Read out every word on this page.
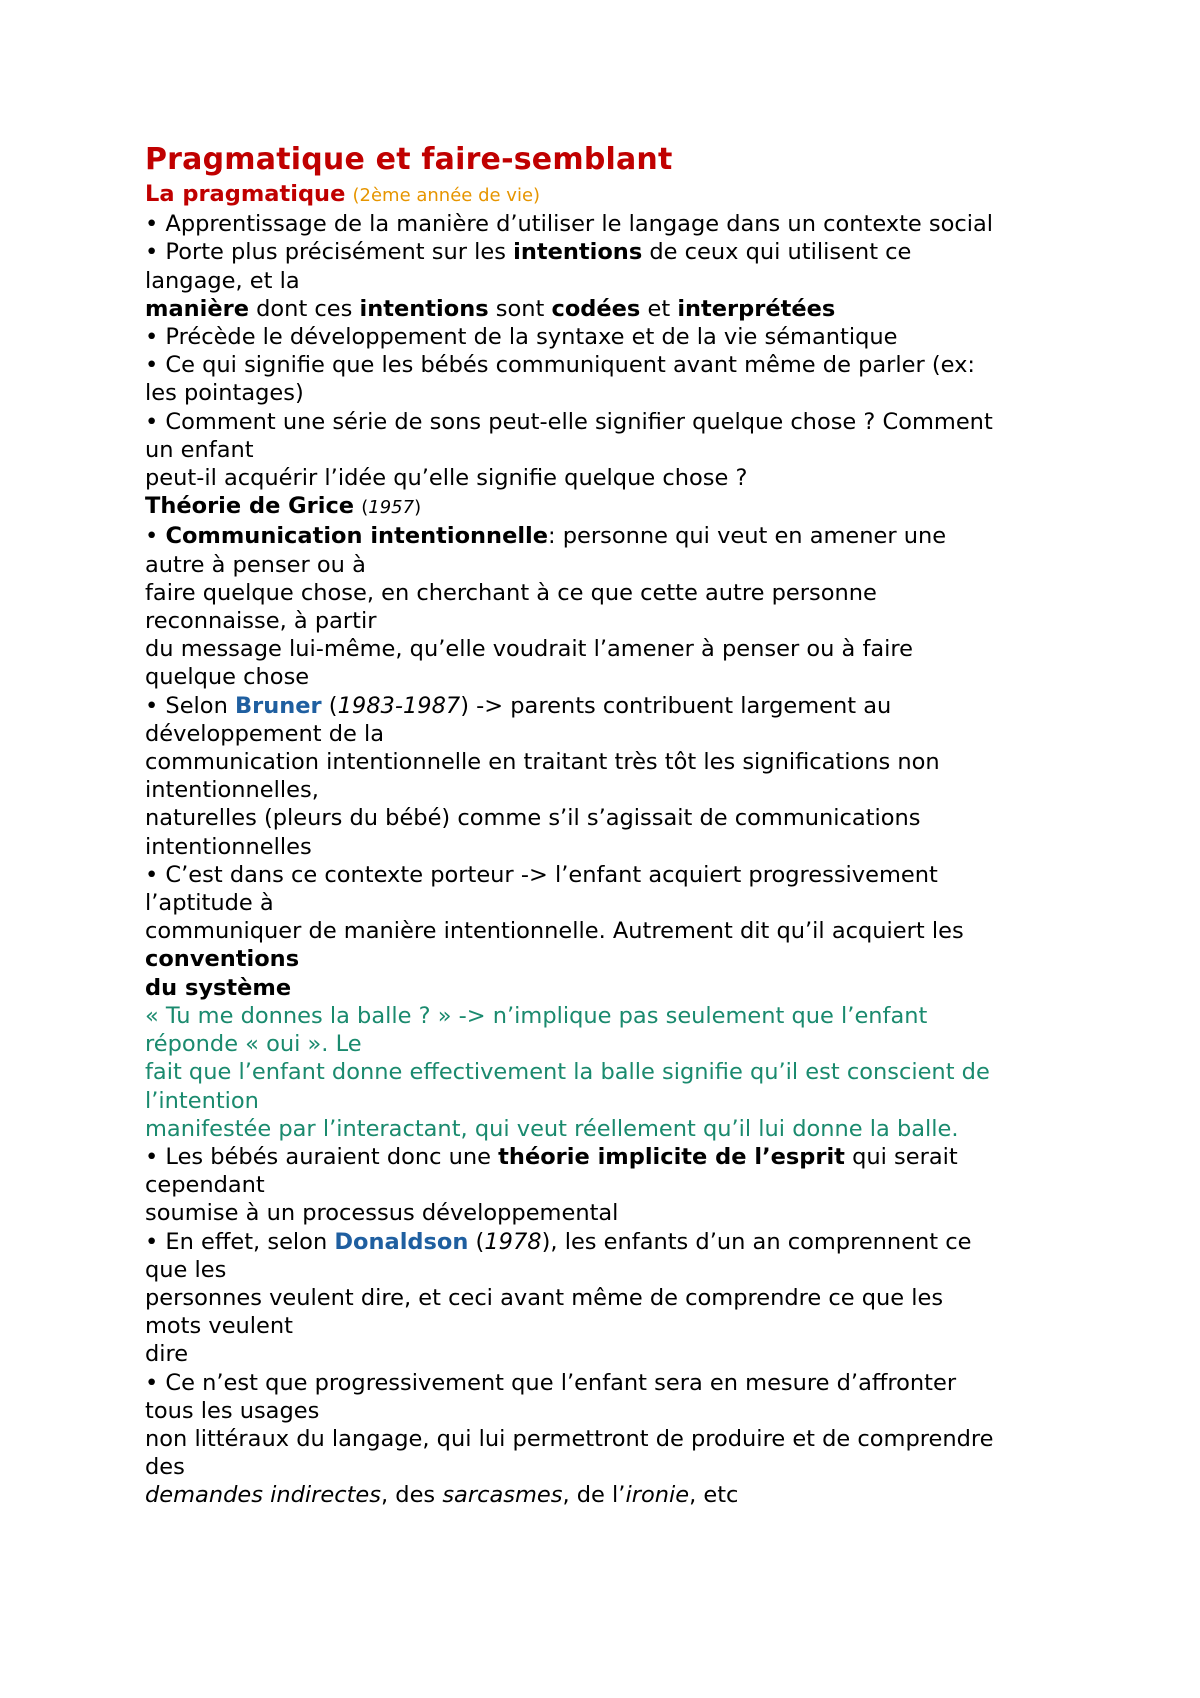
Pragmatique et faire-semblant
La pragmatique (2ème année de vie)
• Apprentissage de la manière d’utiliser le langage dans un contexte social
• Porte plus précisément sur les intentions de ceux qui utilisent ce
langage, et la
manière dont ces intentions sont codées et interprétées
• Précède le développement de la syntaxe et de la vie sémantique
• Ce qui signifie que les bébés communiquent avant même de parler (ex:
les pointages)
• Comment une série de sons peut-elle signifier quelque chose ? Comment
un enfant
peut-il acquérir l’idée qu’elle signifie quelque chose ?
Théorie de Grice (1957)
• Communication intentionnelle: personne qui veut en amener une
autre à penser ou à
faire quelque chose, en cherchant à ce que cette autre personne
reconnaisse, à partir
du message lui-même, qu’elle voudrait l’amener à penser ou à faire
quelque chose
• Selon Bruner (1983-1987) -> parents contribuent largement au
développement de la
communication intentionnelle en traitant très tôt les significations non
intentionnelles,
naturelles (pleurs du bébé) comme s’il s’agissait de communications
intentionnelles
• C’est dans ce contexte porteur -> l’enfant acquiert progressivement
l’aptitude à
communiquer de manière intentionnelle. Autrement dit qu’il acquiert les
conventions
du système
« Tu me donnes la balle ? » -> n’implique pas seulement que l’enfant
réponde « oui ». Le
fait que l’enfant donne effectivement la balle signifie qu’il est conscient de
l’intention
manifestée par l’interactant, qui veut réellement qu’il lui donne la balle.
• Les bébés auraient donc une théorie implicite de l’esprit qui serait
cependant
soumise à un processus développemental
• En effet, selon Donaldson (1978), les enfants d’un an comprennent ce
que les
personnes veulent dire, et ceci avant même de comprendre ce que les
mots veulent
dire
• Ce n’est que progressivement que l’enfant sera en mesure d’affronter
tous les usages
non littéraux du langage, qui lui permettront de produire et de comprendre
des
demandes indirectes, des sarcasmes, de l’ironie, etc
